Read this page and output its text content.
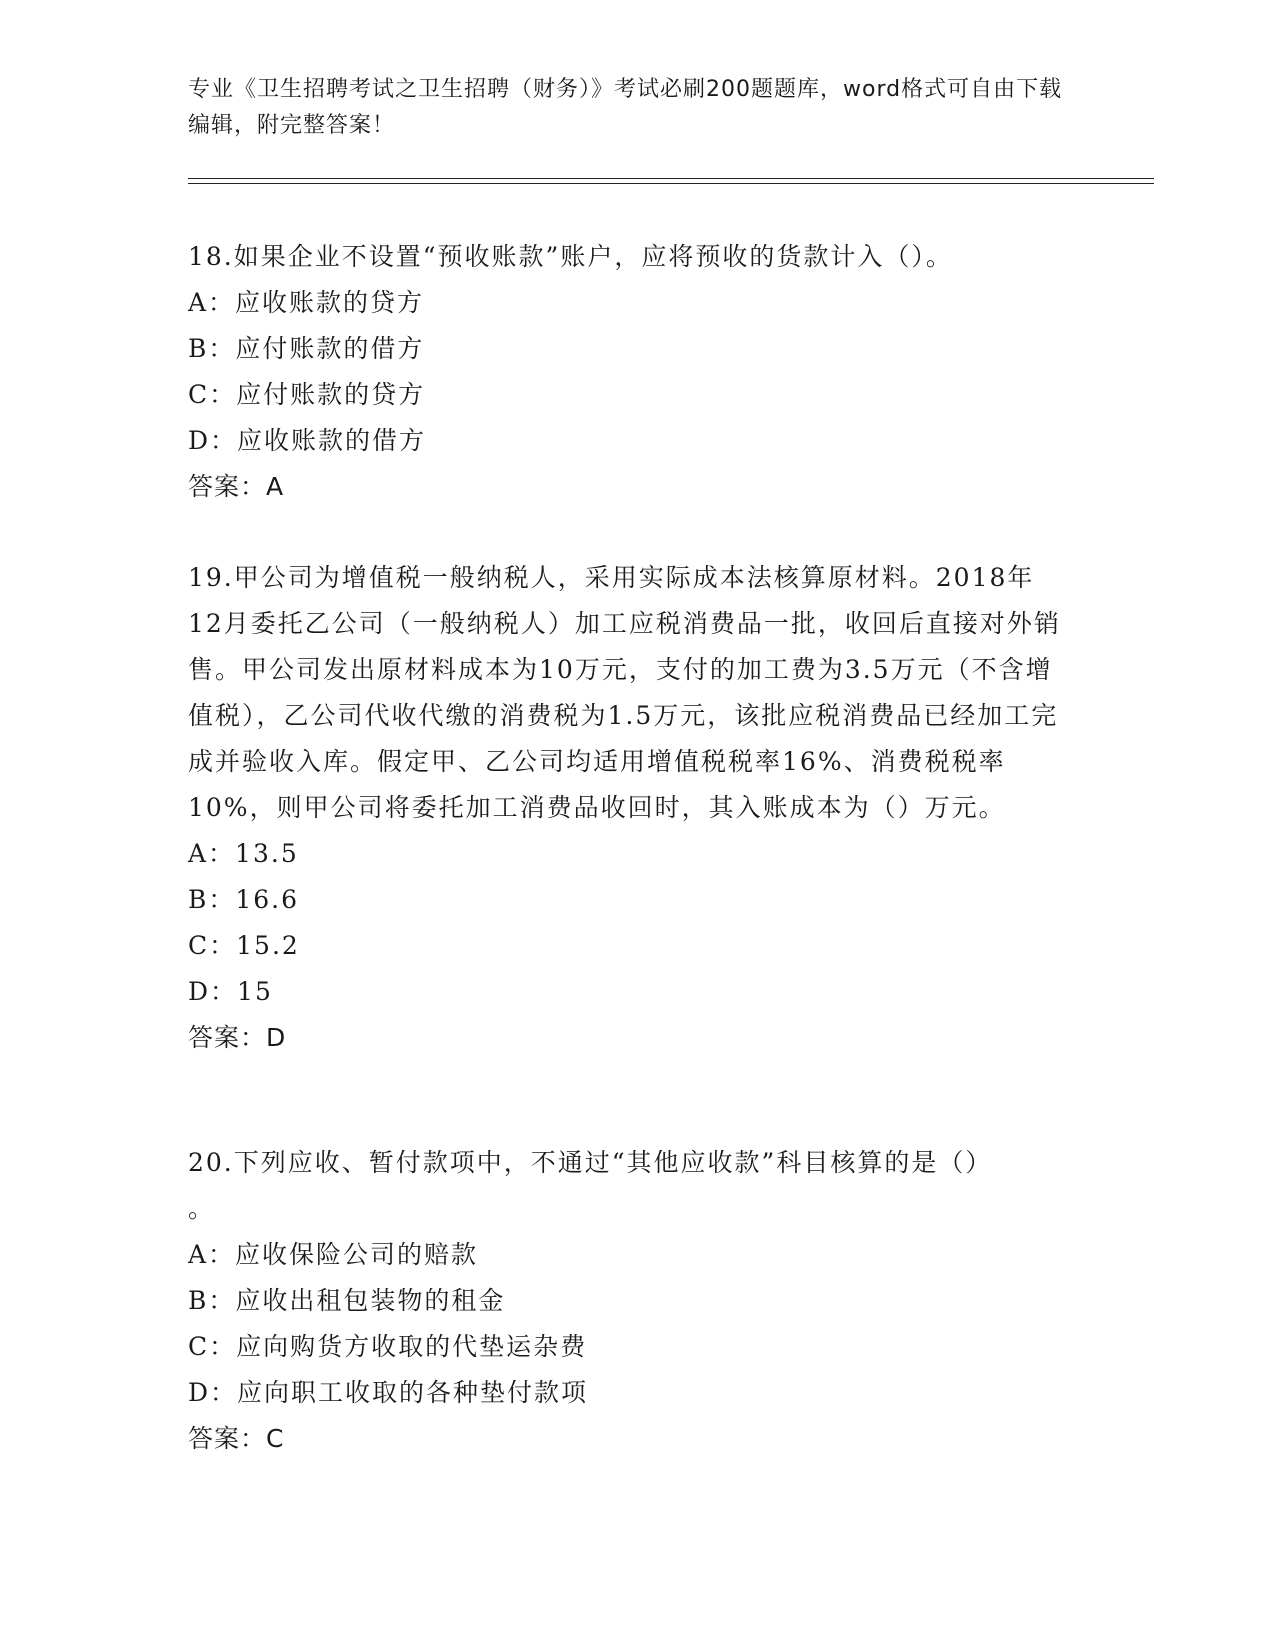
专业《卫生招聘考试之卫生招聘（财务）》考试必刷200题题库，word格式可自由下载编辑，附完整答案！
18.如果企业不设置“预收账款”账户，应将预收的货款计入（）。
A：应收账款的贷方
B：应付账款的借方
C：应付账款的贷方
D：应收账款的借方
答案：A
19.甲公司为增值税一般纳税人，采用实际成本法核算原材料。2018年12月委托乙公司（一般纳税人）加工应税消费品一批，收回后直接对外销售。甲公司发出原材料成本为10万元，支付的加工费为3.5万元（不含增值税），乙公司代收代缴的消费税为1.5万元，该批应税消费品已经加工完成并验收入库。假定甲、乙公司均适用增值税税率16%、消费税税率10%，则甲公司将委托加工消费品收回时，其入账成本为（）万元。
A：13.5
B：16.6
C：15.2
D：15
答案：D
20.下列应收、暂付款项中，不通过“其他应收款”科目核算的是（）
。
A：应收保险公司的赔款
B：应收出租包装物的租金
C：应向购货方收取的代垫运杂费
D：应向职工收取的各种垫付款项
答案：C
